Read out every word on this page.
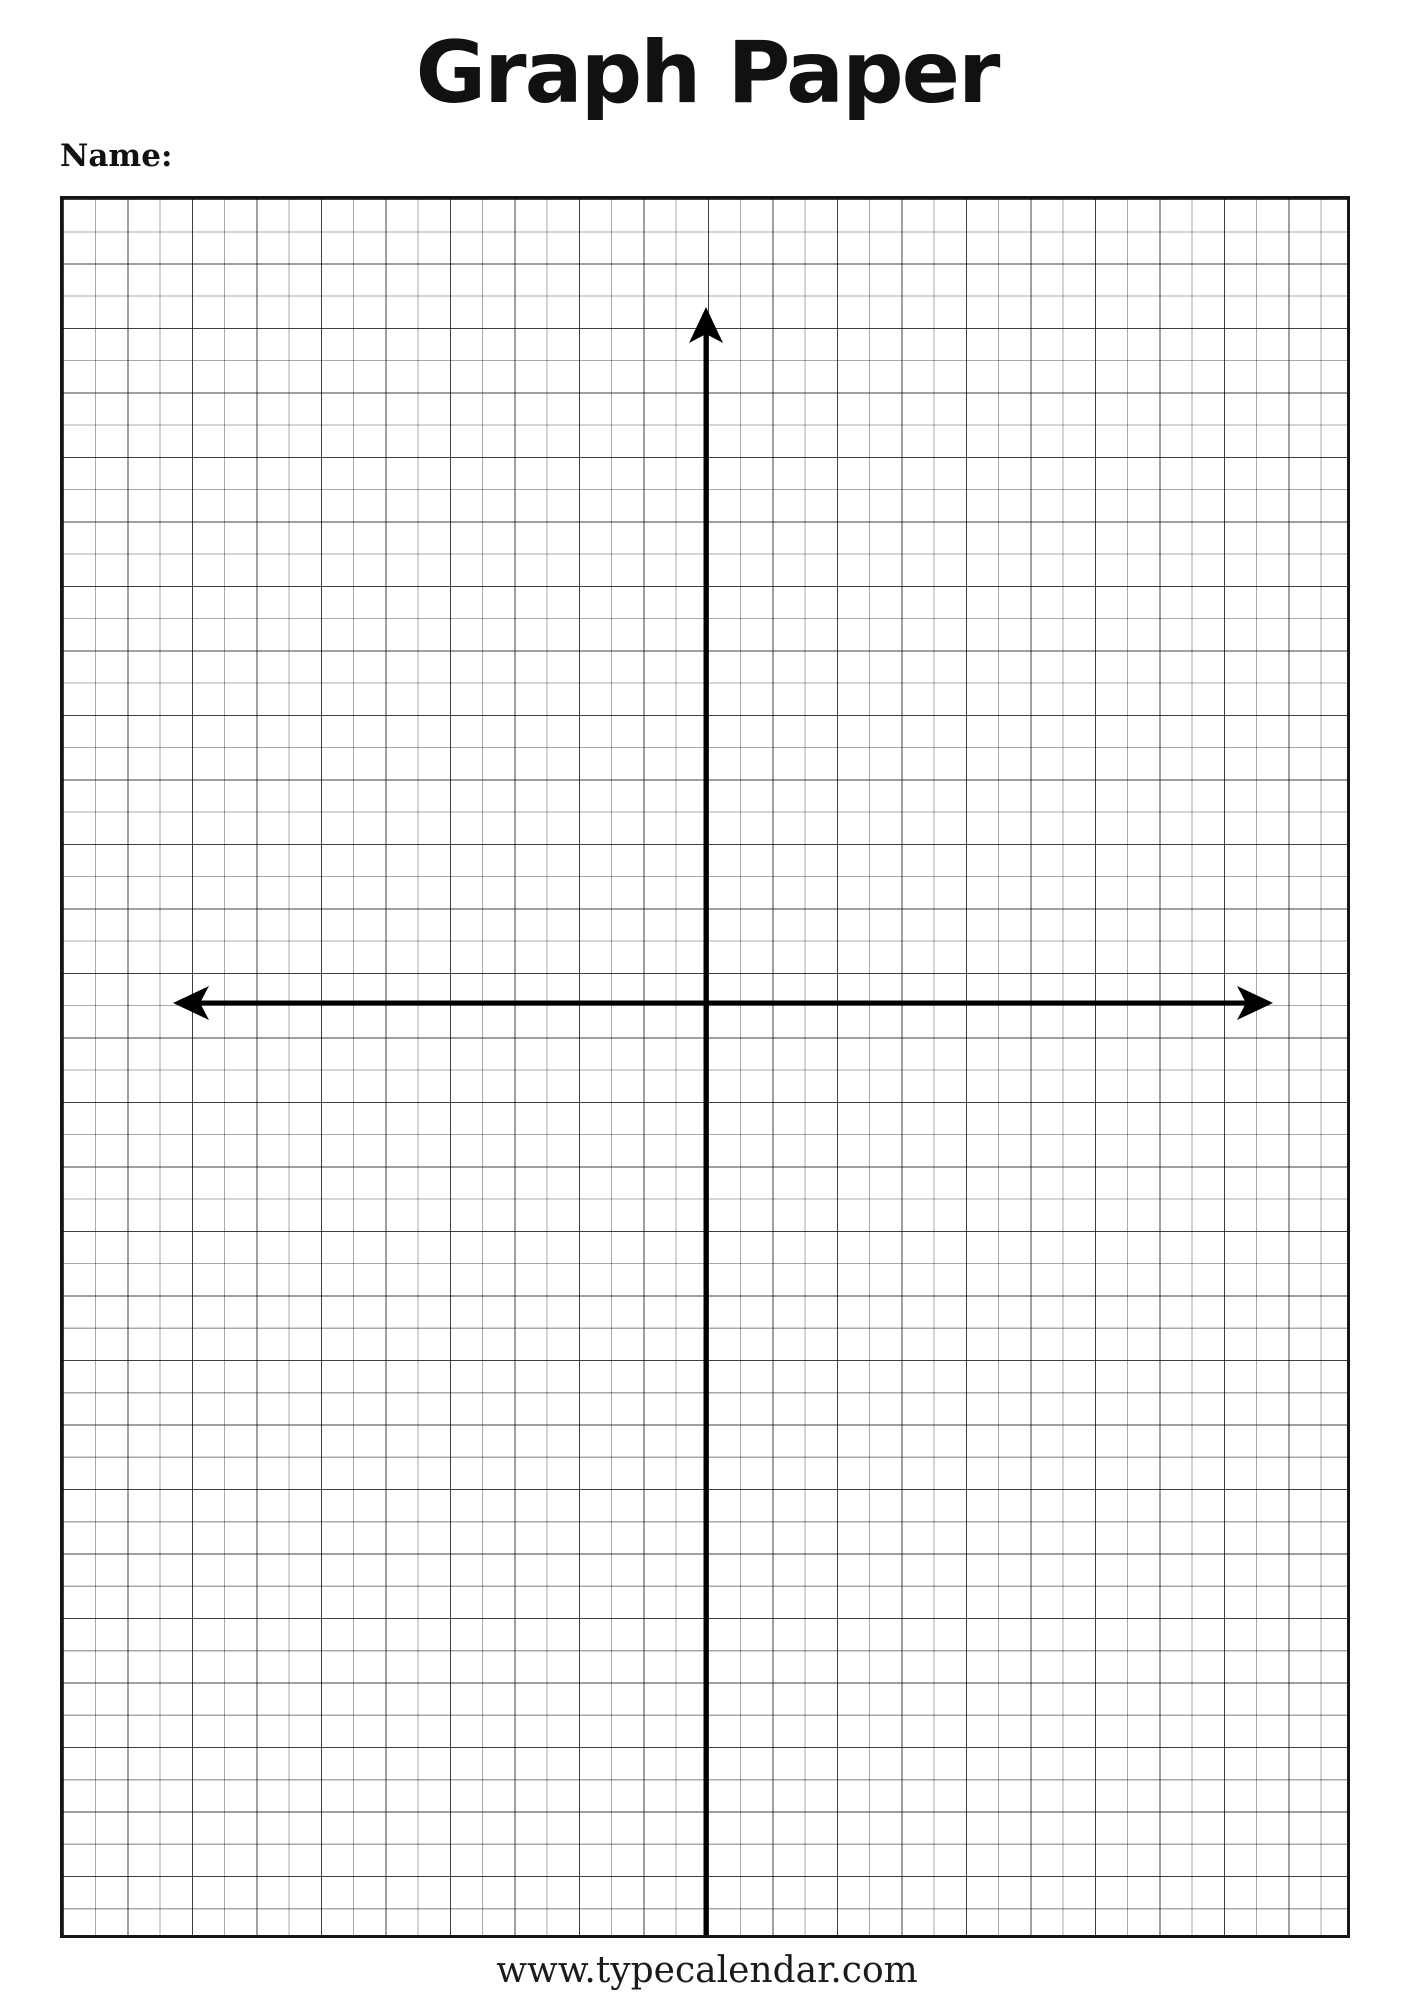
Graph Paper
Name:
www.typecalendar.com
